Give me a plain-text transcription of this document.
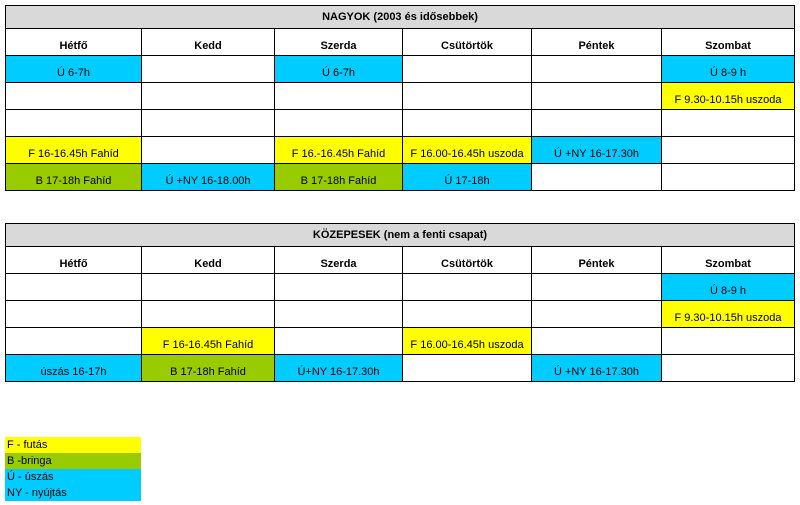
NAGYOK (2003 és idősebbek)					
Hétfő	Kedd	Szerda	Csütörtök	Péntek	Szombat
Ú 6-7h		Ú 6-7h			Ú 8-9 h
					F 9.30-10.15h uszoda

F 16-16.45h Fahíd		F 16.-16.45h Fahíd	F 16.00-16.45h uszoda	Ú +NY 16-17.30h	
B 17-18h Fahíd	Ú +NY 16-18.00h	B 17-18h Fahíd	Ú 17-18h		
KÖZEPESEK (nem a fenti csapat)					
Hétfő	Kedd	Szerda	Csütörtök	Péntek	Szombat
					Ú 8-9 h
					F 9.30-10.15h uszoda
	F 16-16.45h Fahíd		F 16.00-16.45h uszoda		
úszás 16-17h	B 17-18h Fahíd	Ú+NY 16-17.30h		Ú +NY 16-17.30h	
F - futás
B -bringa
Ú - úszás
NY - nyújtás
